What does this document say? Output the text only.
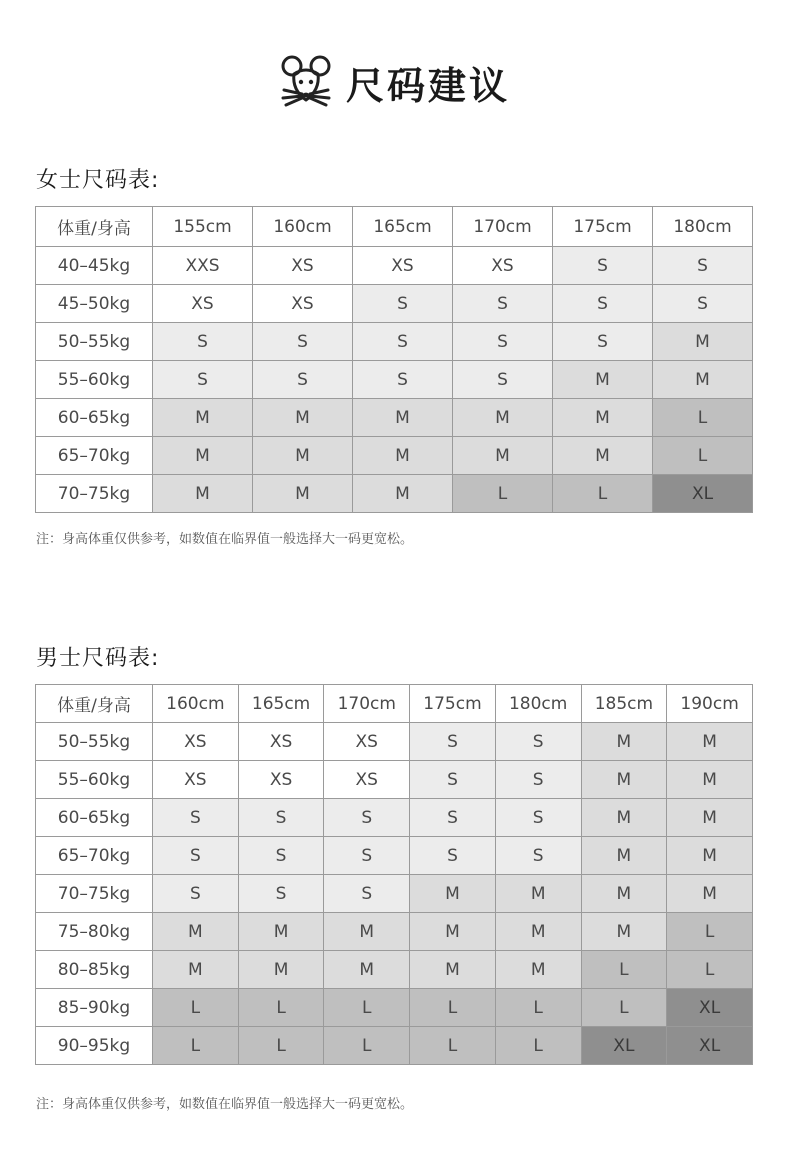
尺码建议
女士尺码表:
体重/身高	155cm	160cm	165cm	170cm	175cm	180cm
40–45kg	XXS	XS	XS	XS	S	S
45–50kg	XS	XS	S	S	S	S
50–55kg	S	S	S	S	S	M
55–60kg	S	S	S	S	M	M
60–65kg	M	M	M	M	M	L
65–70kg	M	M	M	M	M	L
70–75kg	M	M	M	L	L	XL
注：身高体重仅供参考，如数值在临界值一般选择大一码更宽松。
男士尺码表:
体重/身高	160cm	165cm	170cm	175cm	180cm	185cm	190cm
50–55kg	XS	XS	XS	S	S	M	M
55–60kg	XS	XS	XS	S	S	M	M
60–65kg	S	S	S	S	S	M	M
65–70kg	S	S	S	S	S	M	M
70–75kg	S	S	S	M	M	M	M
75–80kg	M	M	M	M	M	M	L
80–85kg	M	M	M	M	M	L	L
85–90kg	L	L	L	L	L	L	XL
90–95kg	L	L	L	L	L	XL	XL
注：身高体重仅供参考，如数值在临界值一般选择大一码更宽松。
